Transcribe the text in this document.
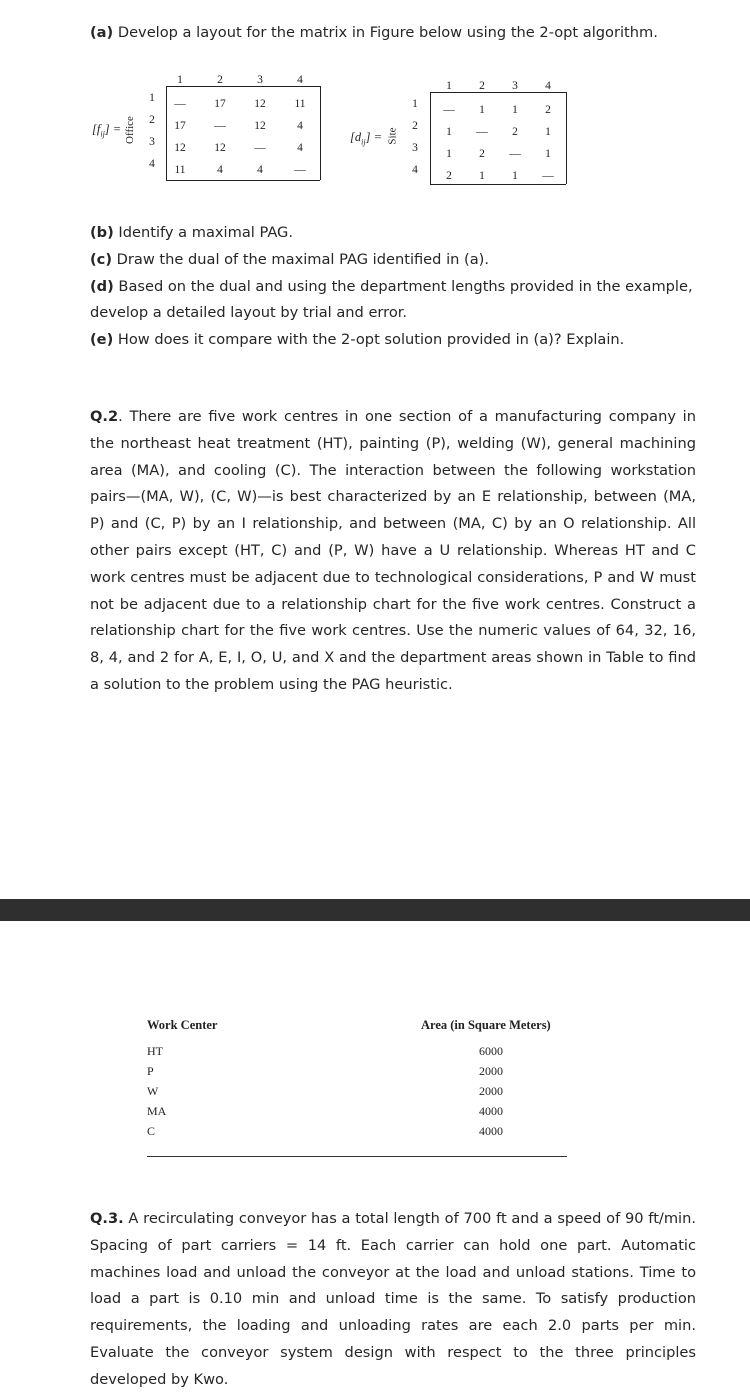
(a) Develop a layout for the matrix in Figure below using the 2-opt algorithm.
$[f_{ij}]$ = Office
1	2	3	4
1
2
3
4
— 17 12 11
17 — 12	4
12 12 —	4
11	4	4	—
$[d_{ij}]$ = Site
1	2	3	4
1
2
3
4
—	1	1	2
1	—	2	1
1	2	—	1
2	1	1	—

(b) Identify a maximal PAG.

(c) Draw the dual of the maximal PAG identified in (a).

(d) Based on the dual and using the department lengths provided in the example, develop a detailed layout by trial and error.

(e) How does it compare with the 2-opt solution provided in (a)? Explain.

Q.2. There are five work centres in one section of a manufacturing company in the northeast heat treatment (HT), painting (P), welding (W), general machining area (MA), and cooling (C). The interaction between the following workstation pairs—(MA, W), (C, W)—is best characterized by an E relationship, between (MA, P) and (C, P) by an I relationship, and between (MA, C) by an O relationship. All other pairs except (HT, C) and (P, W) have a U relationship. Whereas HT and C work centres must be adjacent due to technological considerations, P and W must not be adjacent due to a relationship chart for the five work centres. Construct a relationship chart for the five work centres. Use the numeric values of 64, 32, 16, 8, 4, and 2 for A, E, I, O, U, and X and the department areas shown in Table to find a solution to the problem using the PAG heuristic.
Work Center	Area (in Square Meters)
HT	6000
P	2000
W	2000
MA	4000
C	4000
Q.3. A recirculating conveyor has a total length of 700 ft and a speed of 90 ft/min. Spacing of part carriers = 14 ft. Each carrier can hold one part. Automatic machines load and unload the conveyor at the load and unload stations. Time to load a part is 0.10 min and unload time is the same. To satisfy production requirements, the loading and unloading rates are each 2.0 parts per min. Evaluate the conveyor system design with respect to the three principles developed by Kwo.
